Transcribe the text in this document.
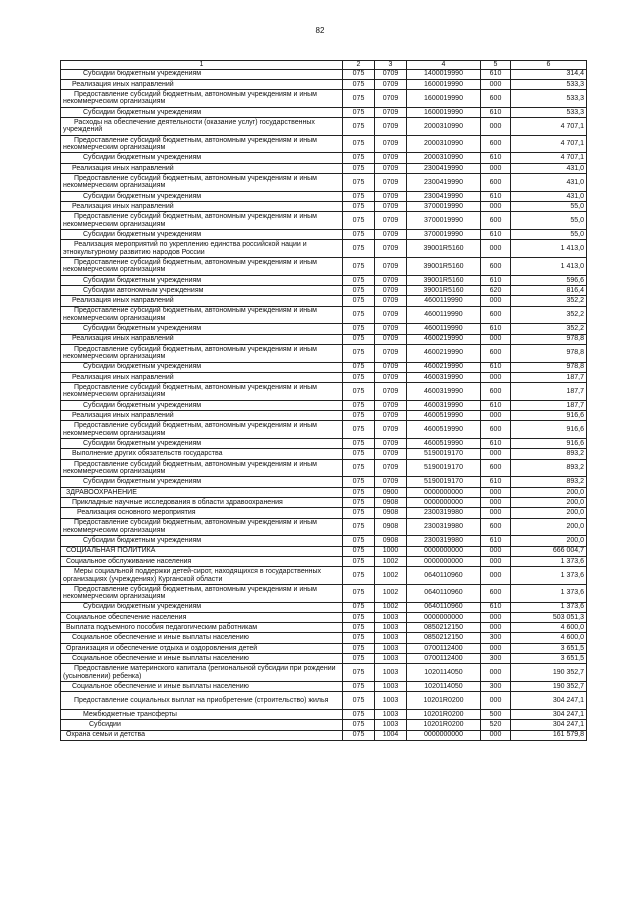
82
1	2	3	4	5	6
Субсидии бюджетным учреждениям	075	0709	1400019990	610	314,4
Реализация иных направлений	075	0709	1600019990	000	533,3
Предоставление субсидий бюджетным, автономным учреждениям и иным некоммерческим организациям	075	0709	1600019990	600	533,3
Субсидии бюджетным учреждениям	075	0709	1600019990	610	533,3
Расходы на обеспечение деятельности (оказание услуг) государственных учреждений	075	0709	2000310990	000	4 707,1
Предоставление субсидий бюджетным, автономным учреждениям и иным некоммерческим организациям	075	0709	2000310990	600	4 707,1
Субсидии бюджетным учреждениям	075	0709	2000310990	610	4 707,1
Реализация иных направлений	075	0709	2300419990	000	431,0
Предоставление субсидий бюджетным, автономным учреждениям и иным некоммерческим организациям	075	0709	2300419990	600	431,0
Субсидии бюджетным учреждениям	075	0709	2300419990	610	431,0
Реализация иных направлений	075	0709	3700019990	000	55,0
Предоставление субсидий бюджетным, автономным учреждениям и иным некоммерческим организациям	075	0709	3700019990	600	55,0
Субсидии бюджетным учреждениям	075	0709	3700019990	610	55,0
Реализация мероприятий по укреплению единства российской нации и этнокультурному развитию народов России	075	0709	39001R5160	000	1 413,0
Предоставление субсидий бюджетным, автономным учреждениям и иным некоммерческим организациям	075	0709	39001R5160	600	1 413,0
Субсидии бюджетным учреждениям	075	0709	39001R5160	610	596,6
Субсидии автономным учреждениям	075	0709	39001R5160	620	816,4
Реализация иных направлений	075	0709	4600119990	000	352,2
Предоставление субсидий бюджетным, автономным учреждениям и иным некоммерческим организациям	075	0709	4600119990	600	352,2
Субсидии бюджетным учреждениям	075	0709	4600119990	610	352,2
Реализация иных направлений	075	0709	4600219990	000	978,8
Предоставление субсидий бюджетным, автономным учреждениям и иным некоммерческим организациям	075	0709	4600219990	600	978,8
Субсидии бюджетным учреждениям	075	0709	4600219990	610	978,8
Реализация иных направлений	075	0709	4600319990	000	187,7
Предоставление субсидий бюджетным, автономным учреждениям и иным некоммерческим организациям	075	0709	4600319990	600	187,7
Субсидии бюджетным учреждениям	075	0709	4600319990	610	187,7
Реализация иных направлений	075	0709	4600519990	000	916,6
Предоставление субсидий бюджетным, автономным учреждениям и иным некоммерческим организациям	075	0709	4600519990	600	916,6
Субсидии бюджетным учреждениям	075	0709	4600519990	610	916,6
Выполнение других обязательств государства	075	0709	5190019170	000	893,2
Предоставление субсидий бюджетным, автономным учреждениям и иным некоммерческим организациям	075	0709	5190019170	600	893,2
Субсидии бюджетным учреждениям	075	0709	5190019170	610	893,2
ЗДРАВООХРАНЕНИЕ	075	0900	0000000000	000	200,0
Прикладные научные исследования в области здравоохранения	075	0908	0000000000	000	200,0
Реализация основного мероприятия	075	0908	2300319980	000	200,0
Предоставление субсидий бюджетным, автономным учреждениям и иным некоммерческим организациям	075	0908	2300319980	600	200,0
Субсидии бюджетным учреждениям	075	0908	2300319980	610	200,0
СОЦИАЛЬНАЯ ПОЛИТИКА	075	1000	0000000000	000	666 004,7
Социальное обслуживание населения	075	1002	0000000000	000	1 373,6
Меры социальной поддержки детей-сирот, находящихся в государственных организациях (учреждениях) Курганской области	075	1002	0640110960	000	1 373,6
Предоставление субсидий бюджетным, автономным учреждениям и иным некоммерческим организациям	075	1002	0640110960	600	1 373,6
Субсидии бюджетным учреждениям	075	1002	0640110960	610	1 373,6
Социальное обеспечение населения	075	1003	0000000000	000	503 051,3
Выплата подъемного пособия педагогическим работникам	075	1003	0850212150	000	4 600,0
Социальное обеспечение и иные выплаты населению	075	1003	0850212150	300	4 600,0
Организация и обеспечение отдыха и оздоровления детей	075	1003	0700112400	000	3 651,5
Социальное обеспечение и иные выплаты населению	075	1003	0700112400	300	3 651,5
Предоставление материнского капитала (региональной субсидии при рождении (усыновлении) ребенка)	075	1003	1020114050	000	190 352,7
Социальное обеспечение и иные выплаты населению	075	1003	1020114050	300	190 352,7
Предоставление социальных выплат на приобретение (строительство) жилья	075	1003	10201R0200	000	304 247,1
Межбюджетные трансферты	075	1003	10201R0200	500	304 247,1
Субсидии	075	1003	10201R0200	520	304 247,1
Охрана семьи и детства	075	1004	0000000000	000	161 579,8
